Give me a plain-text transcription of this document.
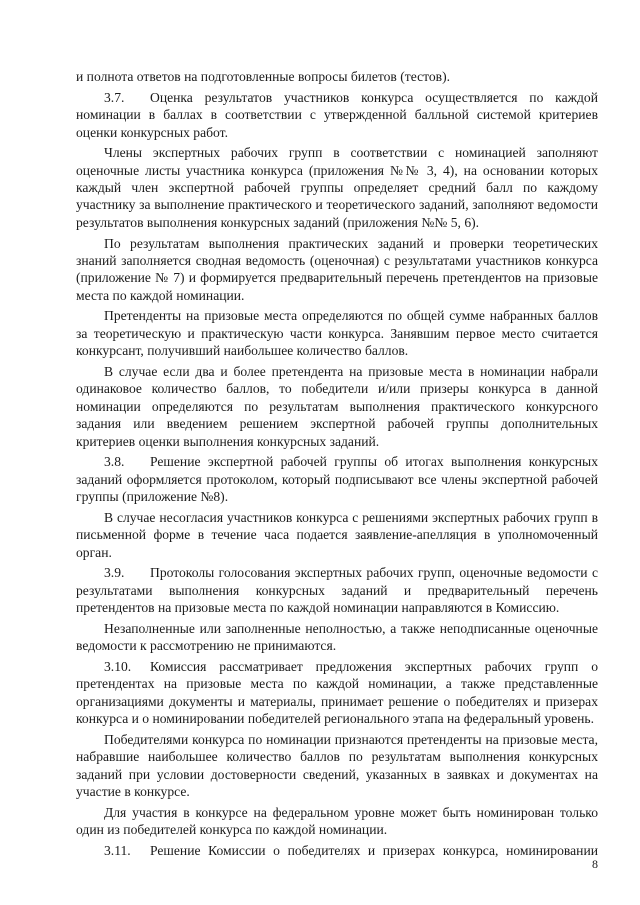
и полнота ответов на подготовленные вопросы билетов (тестов).

3.7. Оценка результатов участников конкурса осуществляется по каждой номинации в баллах в соответствии с утвержденной балльной системой критериев оценки конкурсных работ.

Члены экспертных рабочих групп в соответствии с номинацией заполняют оценочные листы участника конкурса (приложения №№ 3, 4), на основании которых каждый член экспертной рабочей группы определяет средний балл по каждому участнику за выполнение практического и теоретического заданий, заполняют ведомости результатов выполнения конкурсных заданий (приложения №№ 5, 6).

По результатам выполнения практических заданий и проверки теоретических знаний заполняется сводная ведомость (оценочная) с результатами участников конкурса (приложение № 7) и формируется предварительный перечень претендентов на призовые места по каждой номинации.

Претенденты на призовые места определяются по общей сумме набранных баллов за теоретическую и практическую части конкурса. Занявшим первое место считается конкурсант, получивший наибольшее количество баллов.

В случае если два и более претендента на призовые места в номинации набрали одинаковое количество баллов, то победители и/или призеры конкурса в данной номинации определяются по результатам выполнения практического конкурсного задания или введением решением экспертной рабочей группы дополнительных критериев оценки выполнения конкурсных заданий.

3.8. Решение экспертной рабочей группы об итогах выполнения конкурсных заданий оформляется протоколом, который подписывают все члены экспертной рабочей группы (приложение №8).

В случае несогласия участников конкурса с решениями экспертных рабочих групп в письменной форме в течение часа подается заявление-апелляция в уполномоченный орган.

3.9. Протоколы голосования экспертных рабочих групп, оценочные ведомости с результатами выполнения конкурсных заданий и предварительный перечень претендентов на призовые места по каждой номинации направляются в Комиссию.

Незаполненные или заполненные неполностью, а также неподписанные оценочные ведомости к рассмотрению не принимаются.

3.10. Комиссия рассматривает предложения экспертных рабочих групп о претендентах на призовые места по каждой номинации, а также представленные организациями документы и материалы, принимает решение о победителях и призерах конкурса и о номинировании победителей регионального этапа на федеральный уровень.

Победителями конкурса по номинации признаются претенденты на призовые места, набравшие наибольшее количество баллов по результатам выполнения конкурсных заданий при условии достоверности сведений, указанных в заявках и документах на участие в конкурсе.

Для участия в конкурсе на федеральном уровне может быть номинирован только один из победителей конкурса по каждой номинации.

3.11. Решение Комиссии о победителях и призерах конкурса, номинировании

8
